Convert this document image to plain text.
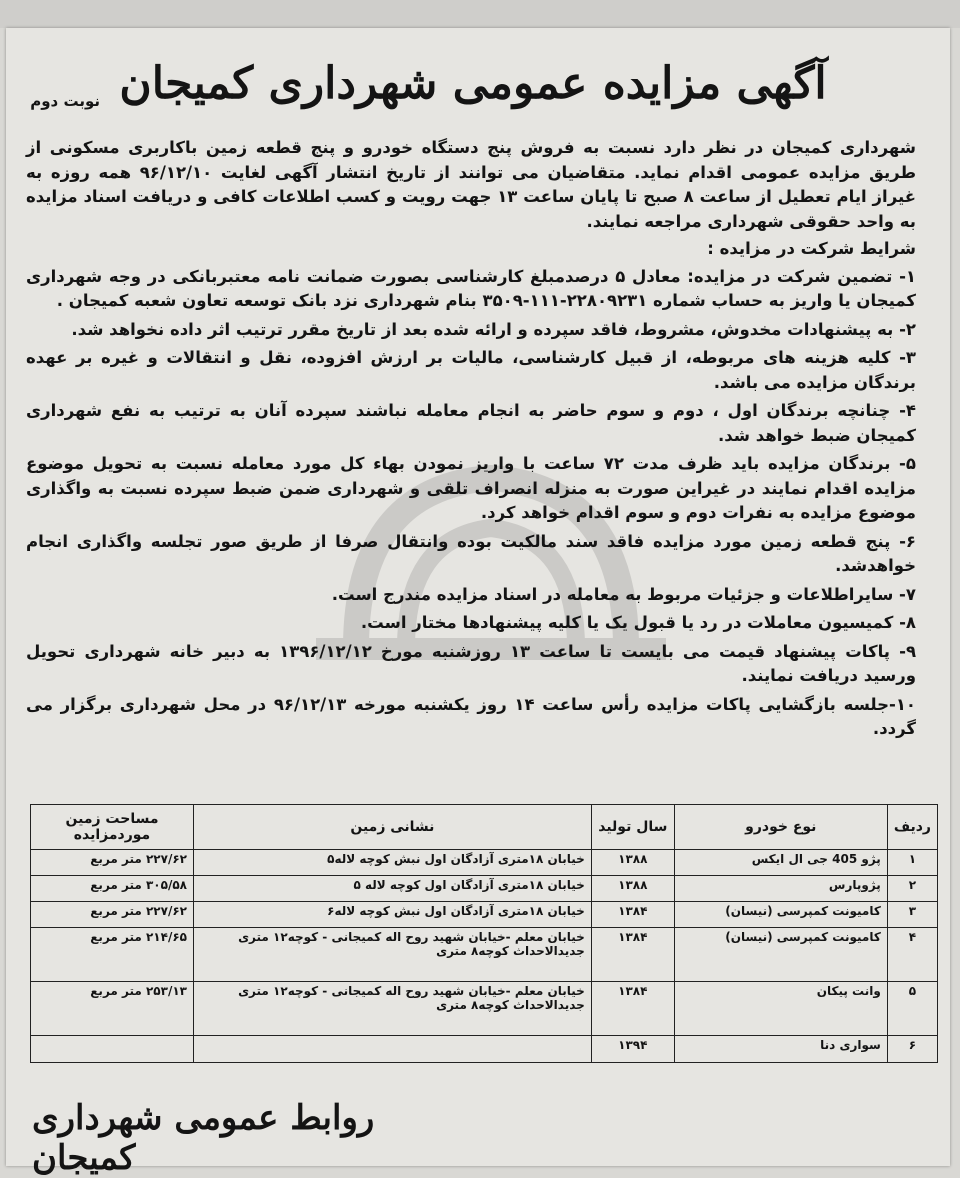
آگهی مزایده عمومی شهرداری کمیجان
نوبت دوم

شهرداری کمیجان در نظر دارد نسبت به فروش پنج دستگاه خودرو و پنج قطعه زمین باکاربری مسکونی از طریق مزایده عمومی اقدام نماید. متقاضیان می توانند از تاریخ انتشار آگهی لغایت ۹۶/۱۲/۱۰ همه روزه به غیراز ایام تعطیل از ساعت ۸ صبح تا پایان ساعت ۱۳ جهت رویت و کسب اطلاعات کافی و دریافت اسناد مزایده به واحد حقوقی شهرداری مراجعه نمایند.

شرایط شرکت در مزایده :

۱- تضمین شرکت در مزایده: معادل ۵ درصدمبلغ کارشناسی بصورت ضمانت نامه معتبربانکی در وجه شهرداری کمیجان یا واریز به حساب شماره ۲۲۸۰۹۲۳۱-۱۱۱-۳۵۰۹ بنام شهرداری نزد بانک توسعه تعاون شعبه کمیجان .

۲- به پیشنهادات مخدوش، مشروط، فاقد سپرده و ارائه شده بعد از تاریخ مقرر ترتیب اثر داده نخواهد شد.

۳- کلیه هزینه های مربوطه، از قبیل کارشناسی، مالیات بر ارزش افزوده، نقل و انتقالات و غیره بر عهده برندگان مزایده می باشد.

۴- چنانچه برندگان اول ، دوم و سوم حاضر به انجام معامله نباشند سپرده آنان به ترتیب به نفع شهرداری کمیجان ضبط خواهد شد.

۵- برندگان مزایده باید ظرف مدت ۷۲ ساعت با واریز نمودن بهاء کل مورد معامله نسبت به تحویل موضوع مزایده اقدام نمایند در غیراین صورت به منزله انصراف تلقی و شهرداری ضمن ضبط سپرده نسبت به واگذاری موضوع مزایده به نفرات دوم و سوم اقدام خواهد کرد.

۶- پنج قطعه زمین مورد مزایده فاقد سند مالکیت بوده وانتقال صرفا از طریق صور تجلسه واگذاری انجام خواهدشد.

۷- سایراطلاعات و جزئیات مربوط به معامله در اسناد مزایده مندرج است.

۸- کمیسیون معاملات در رد یا قبول یک یا کلیه پیشنهادها مختار است.

۹- پاکات پیشنهاد قیمت می بایست تا ساعت ۱۳ روزشنبه مورخ ۱۳۹۶/۱۲/۱۲ به دبیر خانه شهرداری تحویل ورسید دریافت نمایند.

۱۰-جلسه بازگشایی پاکات مزایده رأس ساعت ۱۴ روز یکشنبه مورخه ۹۶/۱۲/۱۳ در محل شهرداری برگزار می گردد.

ردیف	نوع خودرو	سال تولید	نشانی زمین	مساحت زمین موردمزایده
۱	پژو 405 جی ال ایکس	۱۳۸۸	خیابان ۱۸متری آزادگان اول نبش کوچه لاله۵	۲۲۷/۶۲ متر مربع
۲	پژوپارس	۱۳۸۸	خیابان ۱۸متری آزادگان اول کوچه لاله ۵	۳۰۵/۵۸ متر مربع
۳	کامیونت کمپرسی (نیسان)	۱۳۸۴	خیابان ۱۸متری آزادگان اول نبش کوچه لاله۶	۲۲۷/۶۲ متر مربع
۴	کامیونت کمپرسی (نیسان)	۱۳۸۴	خیابان معلم -خیابان شهید روح اله کمیجانی - کوچه۱۲ متری جدیدالاحداث کوچه۸ متری	۲۱۴/۶۵ متر مربع
۵	وانت پیکان	۱۳۸۴	خیابان معلم -خیابان شهید روح اله کمیجانی - کوچه۱۲ متری جدیدالاحداث کوچه۸ متری	۲۵۳/۱۳ متر مربع
۶	سواری دنا	۱۳۹۴		
روابط عمومی شهرداری کمیجان
